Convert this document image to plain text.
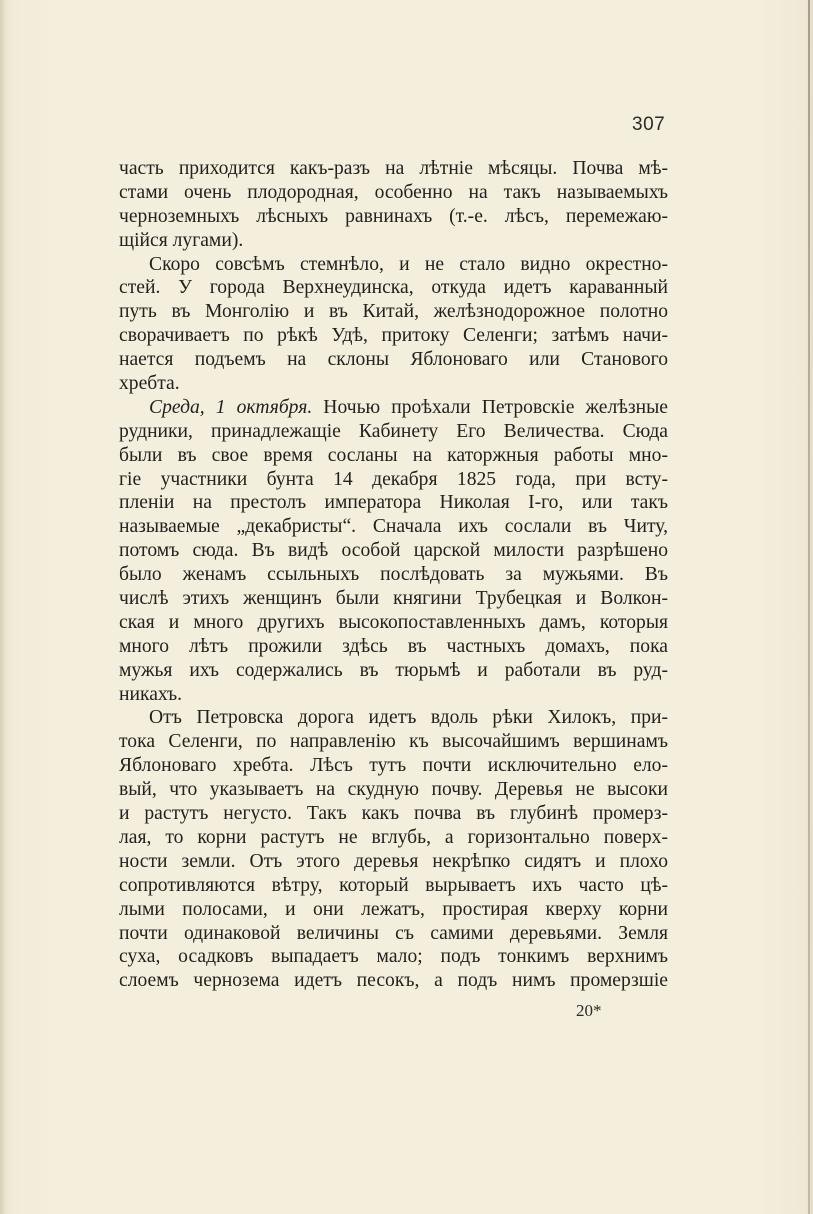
307
часть приходится какъ-разъ на лѣтніе мѣсяцы. Почва мѣ-
стами очень плодородная, особенно на такъ называемыхъ
черноземныхъ лѣсныхъ равнинахъ (т.-е. лѣсъ, перемежаю-
щійся лугами).
Скоро совсѣмъ стемнѣло, и не стало видно окрестно-
стей. У города Верхнеудинска, откуда идетъ караванный
путь въ Монголію и въ Китай, желѣзнодорожное полотно
сворачиваетъ по рѣкѣ Удѣ, притоку Селенги; затѣмъ начи-
нается подъемъ на склоны Яблоноваго или Станового
хребта.
Среда, 1 октября. Ночью проѣхали Петровскіе желѣзные
рудники, принадлежащіе Кабинету Его Величества. Сюда
были въ свое время сосланы на каторжныя работы мно-
гіе участники бунта 14 декабря 1825 года, при всту-
пленіи на престолъ императора Николая I-го, или такъ
называемые „декабристы“. Сначала ихъ сослали въ Читу,
потомъ сюда. Въ видѣ особой царской милости разрѣшено
было женамъ ссыльныхъ послѣдовать за мужьями. Въ
числѣ этихъ женщинъ были княгини Трубецкая и Волкон-
ская и много другихъ высокопоставленныхъ дамъ, которыя
много лѣтъ прожили здѣсь въ частныхъ домахъ, пока
мужья ихъ содержались въ тюрьмѣ и работали въ руд-
никахъ.
Отъ Петровска дорога идетъ вдоль рѣки Хилокъ, при-
тока Селенги, по направленію къ высочайшимъ вершинамъ
Яблоноваго хребта. Лѣсъ тутъ почти исключительно ело-
вый, что указываетъ на скудную почву. Деревья не высоки
и растутъ негусто. Такъ какъ почва въ глубинѣ промерз-
лая, то корни растутъ не вглубь, а горизонтально поверх-
ности земли. Отъ этого деревья некрѣпко сидятъ и плохо
сопротивляются вѣтру, который вырываетъ ихъ часто цѣ-
лыми полосами, и они лежатъ, простирая кверху корни
почти одинаковой величины съ самими деревьями. Земля
суха, осадковъ выпадаетъ мало; подъ тонкимъ верхнимъ
слоемъ чернозема идетъ песокъ, а подъ нимъ промерзшіе
20*
